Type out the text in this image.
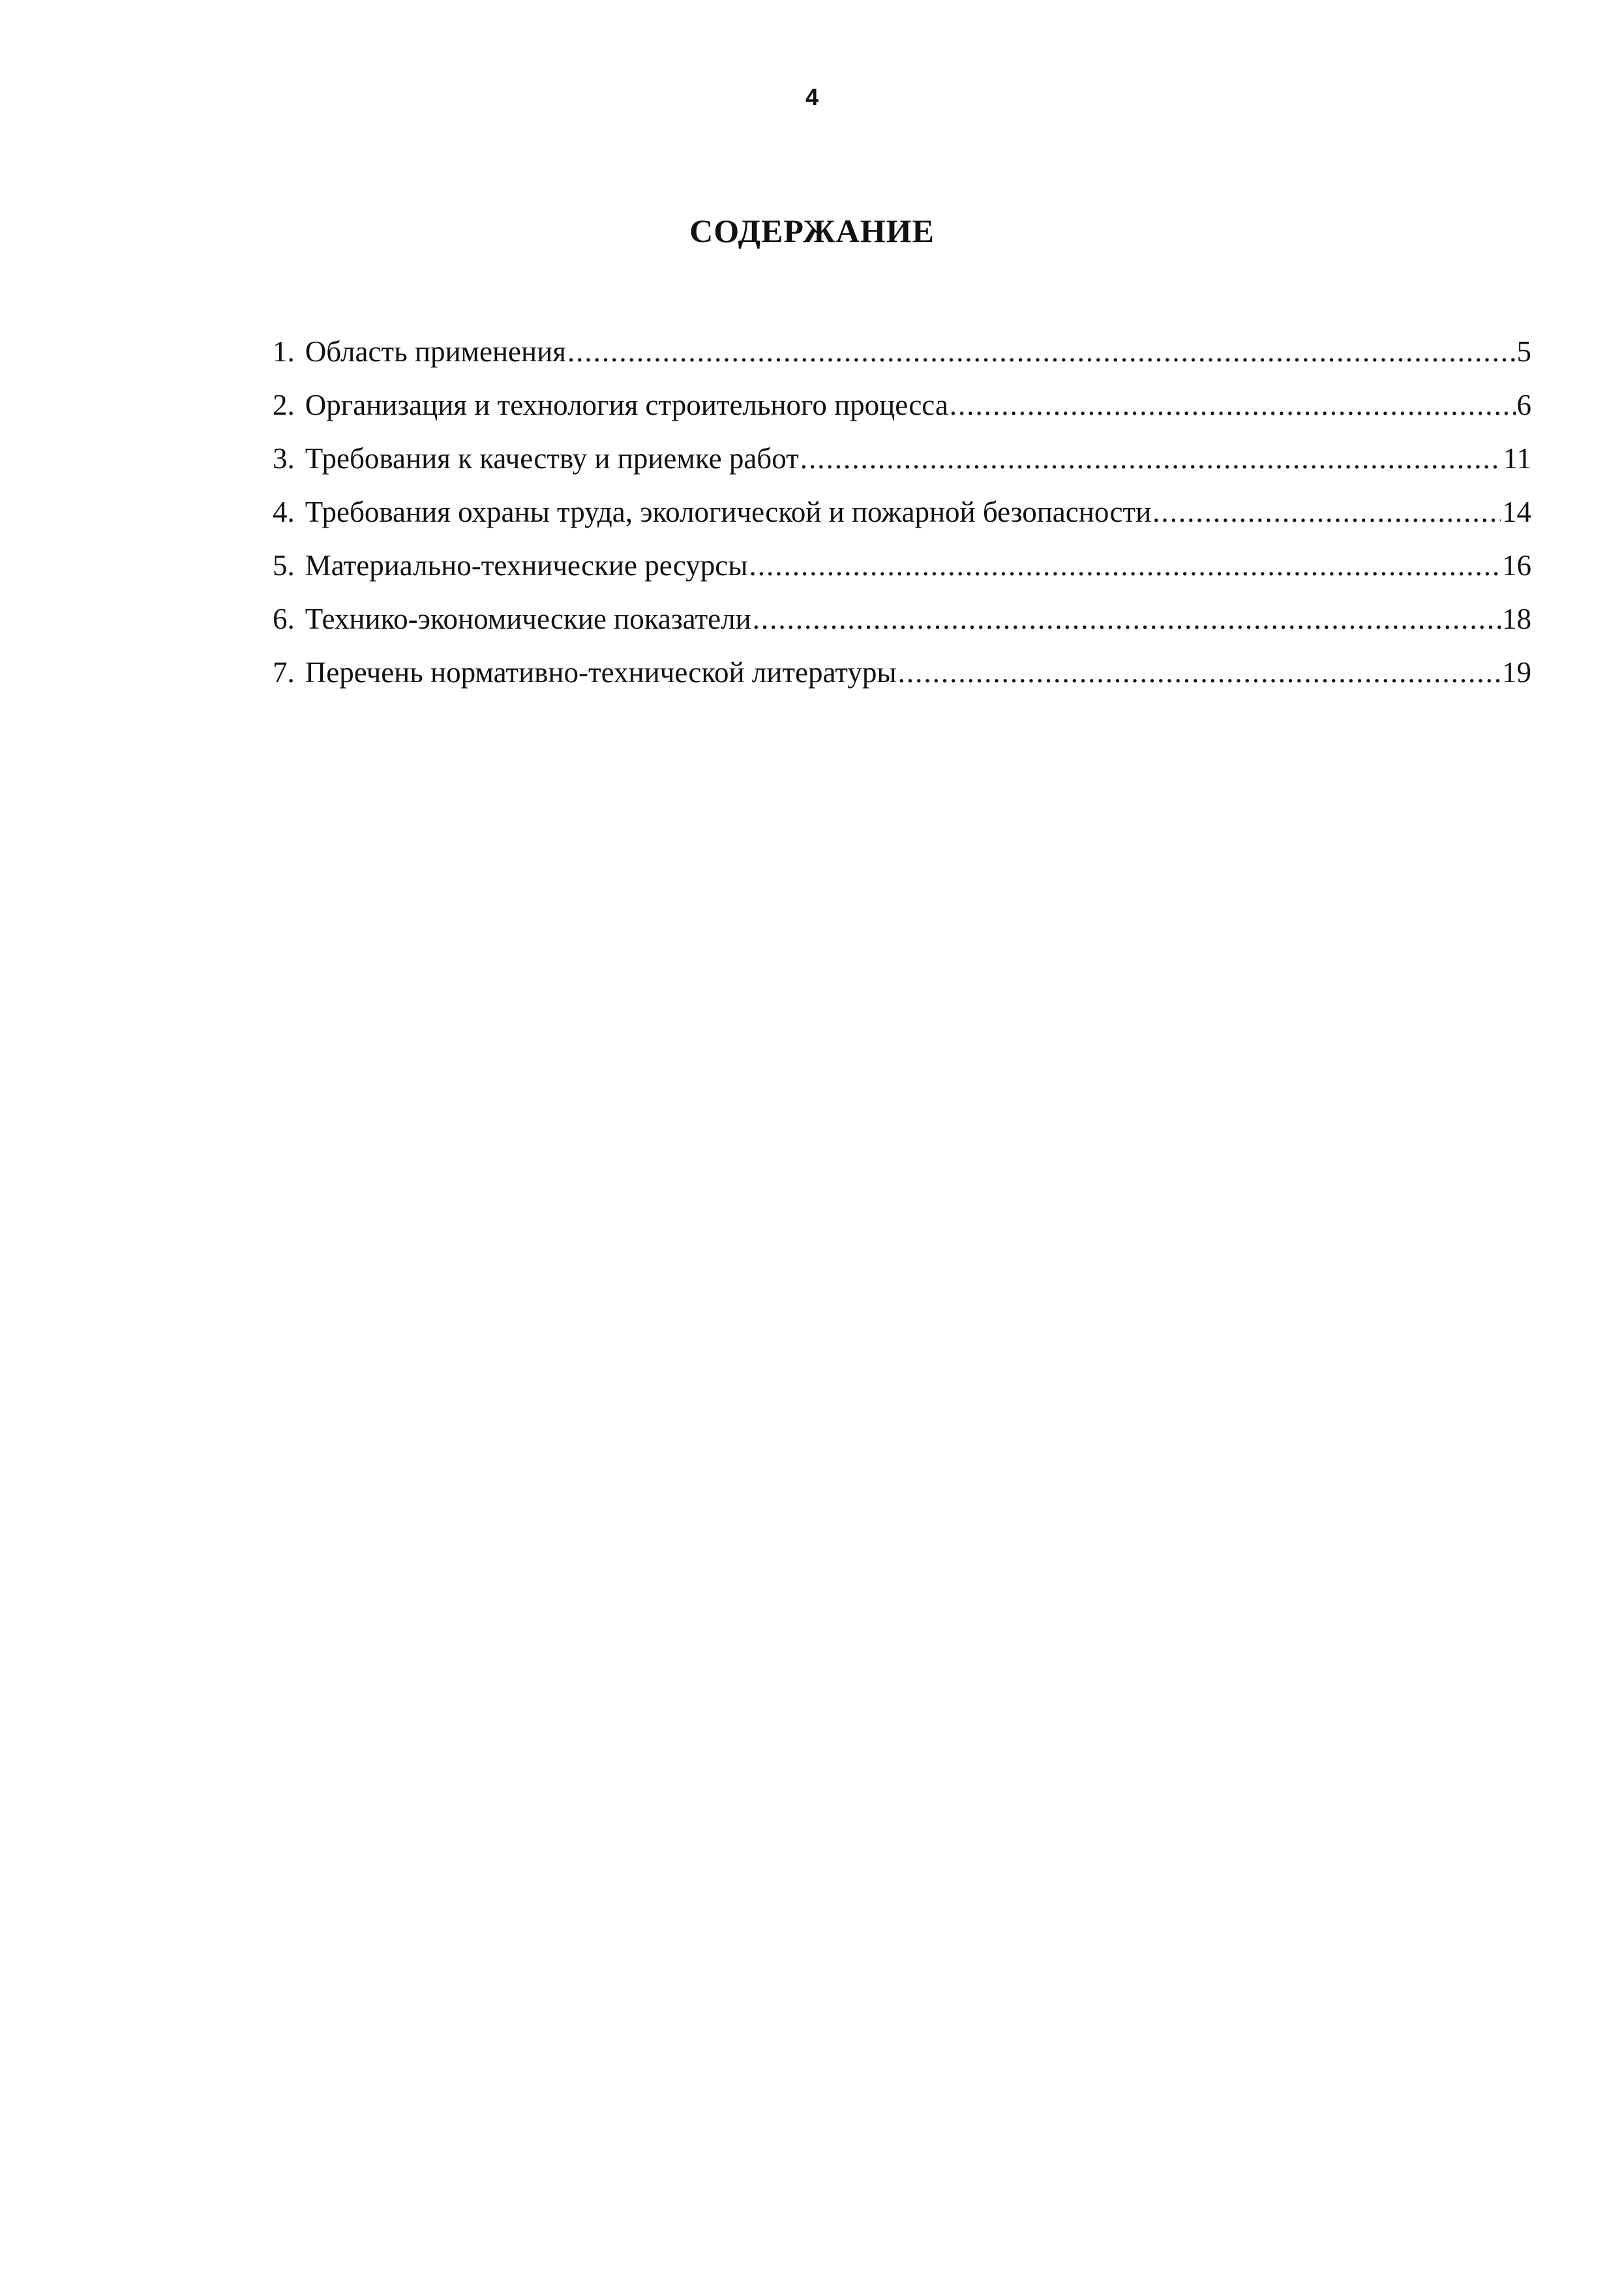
4
СОДЕРЖАНИЕ
1. Область применения .....	5
2. Организация и технология строительного процесса .....	6
3. Требования к качеству и приемке работ .....	11
4. Требования охраны труда, экологической и пожарной безопасности .....	14
5. Материально-технические ресурсы .....	16
6. Технико-экономические показатели .....	18
7. Перечень нормативно-технической литературы .....	19
